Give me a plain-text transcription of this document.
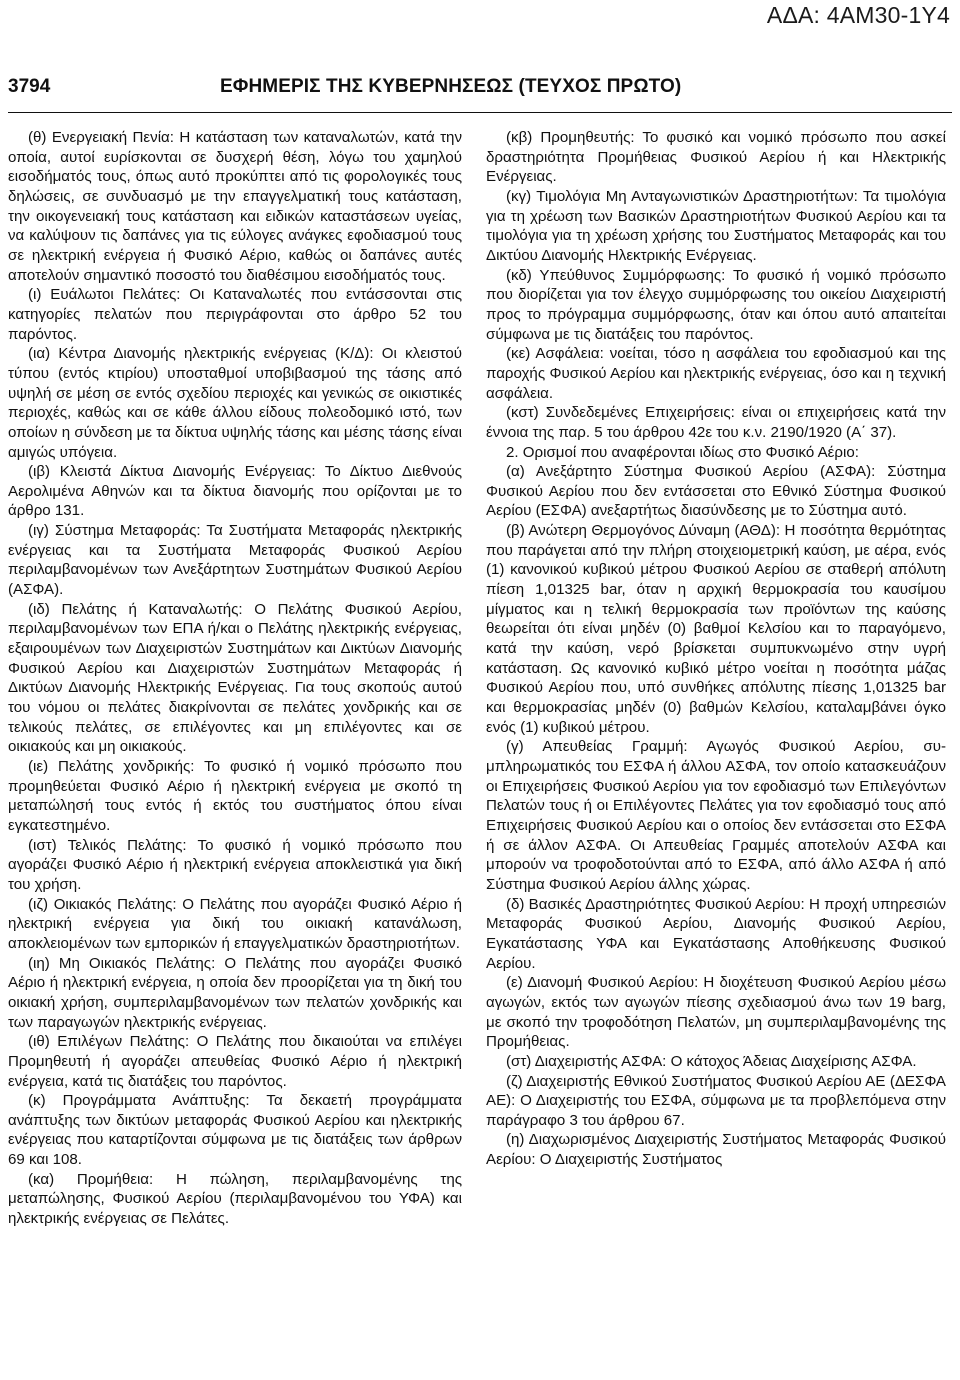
ΑΔΑ: 4ΑΜ30-1Υ4
3794	ΕΦΗΜΕΡΙΣ ΤΗΣ ΚΥΒΕΡΝΗΣΕΩΣ (ΤΕΥΧΟΣ ΠΡΩΤΟ)

(θ) Ενεργειακή Πενία: Η κατάσταση των καταναλωτών, κατά την οποία, αυτοί ευρίσκονται σε δυσχερή θέση, λόγω του χαμηλού εισοδήματός τους, όπως αυτό προκύπτει από τις φορολογικές τους δηλώσεις, σε συνδυασμό με την επαγγελματική τους κατάσταση, την οικογενειακή τους κατάσταση και ειδικών καταστάσεων υγείας, να καλύψουν τις δαπάνες για τις εύλογες ανάγκες εφοδιασμού τους σε ηλεκτρική ενέργεια ή Φυσικό Αέριο, καθώς οι δαπάνες αυτές αποτελούν σημαντικό ποσοστό του διαθέσιμου εισοδήματός τους.

(ι) Ευάλωτοι Πελάτες: Οι Καταναλωτές που εντάσσονται στις κατηγορίες πελατών που περιγράφονται στο άρθρο 52 του παρόντος.

(ια) Κέντρα Διανομής ηλεκτρικής ενέργειας (Κ/Δ): Οι κλειστού τύπου (εντός κτιρίου) υποσταθμοί υποβιβασμού της τάσης από υψηλή σε μέση σε εντός σχεδίου περιοχές και γενικώς σε οικιστικές περιοχές, καθώς και σε κάθε άλλου είδους πολεοδομικό ιστό, των οποίων η σύνδεση με τα δίκτυα υψηλής τάσης και μέσης τάσης είναι αμιγώς υπόγεια.

(ιβ) Κλειστά Δίκτυα Διανομής Ενέργειας: Το Δίκτυο Διεθνούς Αερολιμένα Αθηνών και τα δίκτυα διανομής που ορίζονται με το άρθρο 131.

(ιγ) Σύστημα Μεταφοράς: Τα Συστήματα Μεταφοράς ηλεκτρικής ενέργειας και τα Συστήματα Μεταφοράς Φυσικού Αερίου περιλαμβανομένων των Ανεξάρτητων Συστημάτων Φυσικού Αερίου (ΑΣΦΑ).

(ιδ) Πελάτης ή Καταναλωτής: Ο Πελάτης Φυσικού Αερίου, περιλαμβανομένων των ΕΠΑ ή/και ο Πελάτης ηλεκτρικής ενέργειας, εξαιρουμένων των Διαχειριστών Συστημάτων και Δικτύων Διανομής Φυσικού Αερίου και Διαχειριστών Συστημάτων Μεταφοράς ή Δικτύων Διανομής Ηλεκτρικής Ενέργειας. Για τους σκοπούς αυτού του νόμου οι πελάτες διακρίνονται σε πελάτες χονδρικής και σε τελικούς πελάτες, σε επιλέγοντες και μη επιλέγοντες και σε οικιακούς και μη οικιακούς.

(ιε) Πελάτης χονδρικής: Το φυσικό ή νομικό πρόσωπο που προμηθεύεται Φυσικό Αέριο ή ηλεκτρική ενέργεια με σκοπό τη μεταπώλησή τους εντός ή εκτός του συστήματος όπου είναι εγκατεστημένο.

(ιστ) Τελικός Πελάτης: Το φυσικό ή νομικό πρόσωπο που αγοράζει Φυσικό Αέριο ή ηλεκτρική ενέργεια αποκλειστικά για δική του χρήση.

(ιζ) Οικιακός Πελάτης: Ο Πελάτης που αγοράζει Φυσικό Αέριο ή ηλεκτρική ενέργεια για δική του οικιακή κατανάλωση, αποκλειομένων των εμπορικών ή επαγγελματικών δραστηριοτήτων.

(ιη) Μη Οικιακός Πελάτης: Ο Πελάτης που αγοράζει Φυσικό Αέριο ή ηλεκτρική ενέργεια, η οποία δεν προορίζεται για τη δική του οικιακή χρήση, συμπεριλαμβανομένων των πελατών χονδρικής και των παραγωγών ηλεκτρικής ενέργειας.

(ιθ) Επιλέγων Πελάτης: Ο Πελάτης που δικαιούται να επιλέγει Προμηθευτή ή αγοράζει απευθείας Φυσικό Αέριο ή ηλεκτρική ενέργεια, κατά τις διατάξεις του παρόντος.

(κ) Προγράμματα Ανάπτυξης: Τα δεκαετή προγράμματα ανάπτυξης των δικτύων μεταφοράς Φυσικού Αερίου και ηλεκτρικής ενέργειας που καταρτίζονται σύμφωνα με τις διατάξεις των άρθρων 69 και 108.

(κα) Προμήθεια: Η πώληση, περιλαμβανομένης της μεταπώλησης, Φυσικού Αερίου (περιλαμβανομένου του ΥΦΑ) και ηλεκτρικής ενέργειας σε Πελάτες.

(κβ) Προμηθευτής: Το φυσικό και νομικό πρόσωπο που ασκεί δραστηριότητα Προμήθειας Φυσικού Αερίου ή και Ηλεκτρικής Ενέργειας.

(κγ) Τιμολόγια Μη Ανταγωνιστικών Δραστηριοτήτων: Τα τιμολόγια για τη χρέωση των Βασικών Δραστηριοτήτων Φυσικού Αερίου και τα τιμολόγια για τη χρέωση χρήσης του Συστήματος Μεταφοράς και του Δικτύου Διανομής Ηλεκτρικής Ενέργειας.

(κδ) Υπεύθυνος Συμμόρφωσης: Το φυσικό ή νομικό πρόσωπο που διορίζεται για τον έλεγχο συμμόρφωσης του οικείου Διαχειριστή προς το πρόγραμμα συμμόρφωσης, όταν και όπου αυτό απαιτείται σύμφωνα με τις διατάξεις του παρόντος.

(κε) Ασφάλεια: νοείται, τόσο η ασφάλεια του εφοδιασμού και της παροχής Φυσικού Αερίου και ηλεκτρικής ενέργειας, όσο και η τεχνική ασφάλεια.

(κστ) Συνδεδεμένες Επιχειρήσεις: είναι οι επιχειρήσεις κατά την έννοια της παρ. 5 του άρθρου 42ε του κ.ν. 2190/1920 (Α΄ 37).

2. Ορισμοί που αναφέρονται ιδίως στο Φυσικό Αέριο:

(α) Ανεξάρτητο Σύστημα Φυσικού Αερίου (ΑΣΦΑ): Σύστημα Φυσικού Αερίου που δεν εντάσσεται στο Εθνικό Σύστημα Φυσικού Αερίου (ΕΣΦΑ) ανεξαρτήτως διασύνδεσης με το Σύστημα αυτό.

(β) Ανώτερη Θερμογόνος Δύναμη (ΑΘΔ): Η ποσότητα θερμότητας που παράγεται από την πλήρη στοιχειομετρική καύση, με αέρα, ενός (1) κανονικού κυβικού μέτρου Φυσικού Αερίου σε σταθερή απόλυτη πίεση 1,01325 bar, όταν η αρχική θερμοκρασία του καυσίμου μίγματος και η τελική θερμοκρασία των προϊόντων της καύσης θεωρείται ότι είναι μηδέν (0) βαθμοί Κελσίου και το παραγόμενο, κατά την καύση, νερό βρίσκεται συμπυκνωμένο στην υγρή κατάσταση. Ως κανονικό κυβικό μέτρο νοείται η ποσότητα μάζας Φυσικού Αερίου που, υπό συνθήκες απόλυτης πίεσης 1,01325 bar και θερμοκρασίας μηδέν (0) βαθμών Κελσίου, καταλαμβάνει όγκο ενός (1) κυβικού μέτρου.

(γ) Απευθείας Γραμμή: Αγωγός Φυσικού Αερίου, συμπληρωματικός του ΕΣΦΑ ή άλλου ΑΣΦΑ, τον οποίο κατασκευάζουν οι Επιχειρήσεις Φυσικού Αερίου για τον εφοδιασμό των Επιλεγόντων Πελατών τους ή οι Επιλέγοντες Πελάτες για τον εφοδιασμό τους από Επιχειρήσεις Φυσικού Αερίου και ο οποίος δεν εντάσσεται στο ΕΣΦΑ ή σε άλλον ΑΣΦΑ. Οι Απευθείας Γραμμές αποτελούν ΑΣΦΑ και μπορούν να τροφοδοτούνται από το ΕΣΦΑ, από άλλο ΑΣΦΑ ή από Σύστημα Φυσικού Αερίου άλλης χώρας.

(δ) Βασικές Δραστηριότητες Φυσικού Αερίου: Η προχή υπηρεσιών Μεταφοράς Φυσικού Αερίου, Διανομής Φυσικού Αερίου, Εγκατάστασης ΥΦΑ και Εγκατάστασης Αποθήκευσης Φυσικού Αερίου.

(ε) Διανομή Φυσικού Αερίου: Η διοχέτευση Φυσικού Αερίου μέσω αγωγών, εκτός των αγωγών πίεσης σχεδιασμού άνω των 19 barg, με σκοπό την τροφοδότηση Πελατών, μη συμπεριλαμβανομένης της Προμήθειας.

(στ) Διαχειριστής ΑΣΦΑ: Ο κάτοχος Άδειας Διαχείρισης ΑΣΦΑ.

(ζ) Διαχειριστής Εθνικού Συστήματος Φυσικού Αερίου ΑΕ (ΔΕΣΦΑ ΑΕ): Ο Διαχειριστής του ΕΣΦΑ, σύμφωνα με τα προβλεπόμενα στην παράγραφο 3 του άρθρου 67.

(η) Διαχωρισμένος Διαχειριστής Συστήματος Μεταφοράς Φυσικού Αερίου: Ο Διαχειριστής Συστήματος
